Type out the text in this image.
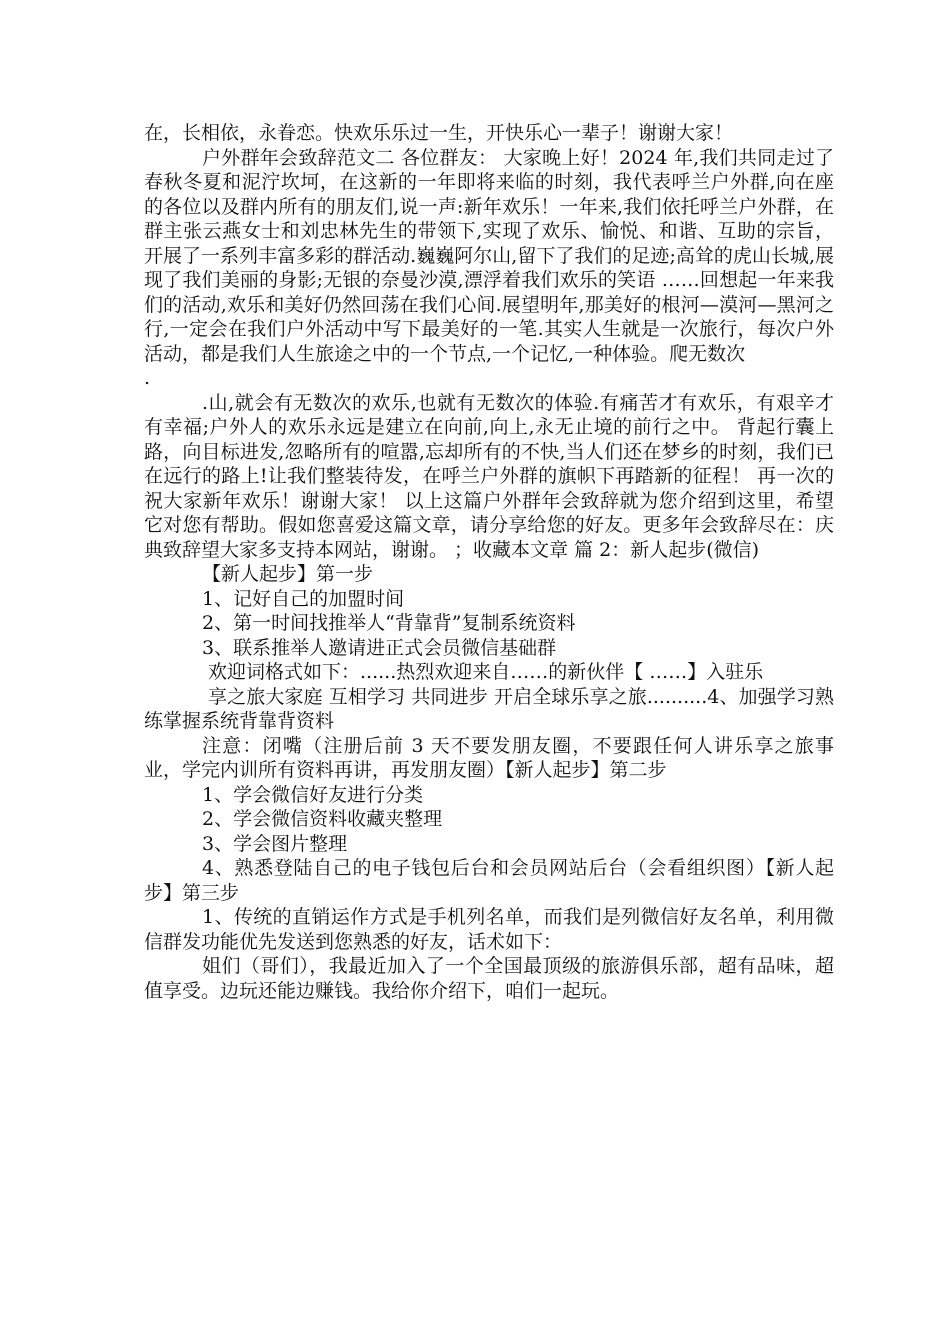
在，长相依，永眷恋。快欢乐乐过一生，开快乐心一辈子！谢谢大家！

户外群年会致辞范文二 各位群友： 大家晚上好！2024 年,我们共同走过了春秋冬夏和泥泞坎坷，在这新的一年即将来临的时刻，我代表呼兰户外群,向在座的各位以及群内所有的朋友们,说一声:新年欢乐！一年来,我们依托呼兰户外群，在群主张云燕女士和刘忠林先生的带领下,实现了欢乐、愉悦、和谐、互助的宗旨，开展了一系列丰富多彩的群活动.巍巍阿尔山,留下了我们的足迹;高耸的虎山长城,展现了我们美丽的身影;无银的奈曼沙漠,漂浮着我们欢乐的笑语 ……回想起一年来我们的活动,欢乐和美好仍然回荡在我们心间.展望明年,那美好的根河—漠河—黑河之行,一定会在我们户外活动中写下最美好的一笔.其实人生就是一次旅行，每次户外活动，都是我们人生旅途之中的一个节点,一个记忆,一种体验。爬无数次

.

.山,就会有无数次的欢乐,也就有无数次的体验.有痛苦才有欢乐，有艰辛才有幸福;户外人的欢乐永远是建立在向前,向上,永无止境的前行之中。 背起行囊上路，向目标进发,忽略所有的喧嚣,忘却所有的不快,当人们还在梦乡的时刻，我们已在远行的路上!让我们整装待发，在呼兰户外群的旗帜下再踏新的征程！ 再一次的祝大家新年欢乐！谢谢大家！ 以上这篇户外群年会致辞就为您介绍到这里，希望它对您有帮助。假如您喜爱这篇文章，请分享给您的好友。更多年会致辞尽在：庆典致辞望大家多支持本网站，谢谢。 ；收藏本文章 篇 2：新人起步(微信)

【新人起步】第一步

1、记好自己的加盟时间

2、第一时间找推举人“背靠背”复制系统资料

3、联系推举人邀请进正式会员微信基础群

欢迎词格式如下：......热烈欢迎来自……的新伙伴【 ……】入驻乐

享之旅大家庭 互相学习 共同进步 开启全球乐享之旅..........4、加强学习熟练掌握系统背靠背资料

注意：闭嘴（注册后前 3 天不要发朋友圈，不要跟任何人讲乐享之旅事业，学完内训所有资料再讲，再发朋友圈）【新人起步】第二步

1、学会微信好友进行分类

2、学会微信资料收藏夹整理

3、学会图片整理

4、熟悉登陆自己的电子钱包后台和会员网站后台（会看组织图）【新人起步】第三步

1、传统的直销运作方式是手机列名单，而我们是列微信好友名单，利用微信群发功能优先发送到您熟悉的好友，话术如下：

姐们（哥们），我最近加入了一个全国最顶级的旅游俱乐部，超有品味，超值享受。边玩还能边赚钱。我给你介绍下，咱们一起玩。
